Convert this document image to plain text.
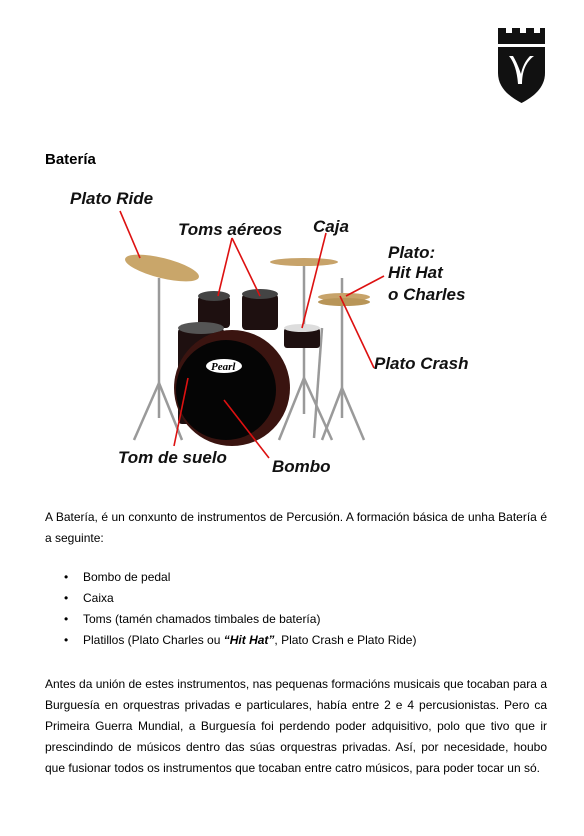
Batería
Pearl
Plato Ride
Toms aéreos Caja
Plato:
Hit Hat
o Charles
Plato Crash
Tom de suelo	Bombo

A Batería, é un conxunto de instrumentos de Percusión. A formación básica de unha Batería é a seguinte:

• Bombo de pedal
• Caixa
• Toms (tamén chamados timbales de batería)
• Platillos (Plato Charles ou “Hit Hat”, Plato Crash e Plato Ride)

Antes da unión de estes instrumentos, nas pequenas formacións musicais que tocaban para a Burguesía en orquestras privadas e particulares, había entre 2 e 4 percusionistas. Pero ca Primeira Guerra Mundial, a Burguesía foi perdendo poder adquisitivo, polo que tivo que ir prescindindo de músicos dentro das súas orquestras privadas. Así, por necesidade, houbo que fusionar todos os instrumentos que tocaban entre catro músicos, para poder tocar un só.
